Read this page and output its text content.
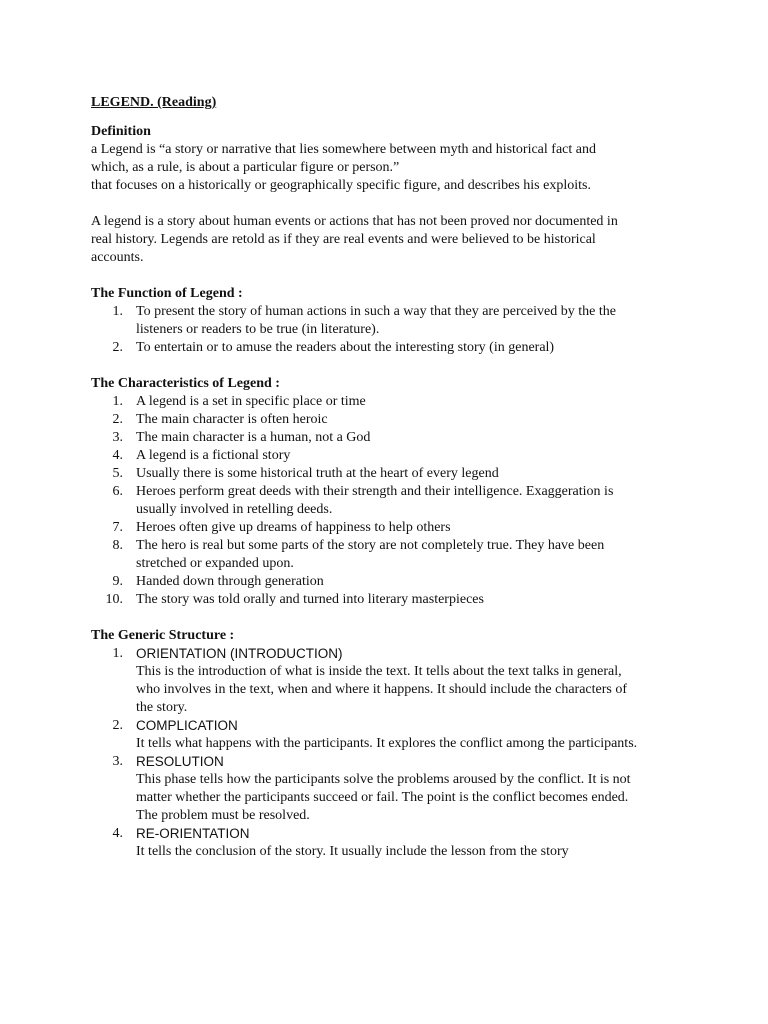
LEGEND. (Reading)
Definition
a Legend is “a story or narrative that lies somewhere between myth and historical fact and
which, as a rule, is about a particular figure or person.”
that focuses on a historically or geographically specific figure, and describes his exploits.
A legend is a story about human events or actions that has not been proved nor documented in
real history. Legends are retold as if they are real events and were believed to be historical
accounts.
The Function of Legend :
1. To present the story of human actions in such a way that they are perceived by the the
listeners or readers to be true (in literature).
2. To entertain or to amuse the readers about the interesting story (in general)
The Characteristics of Legend :
1. A legend is a set in specific place or time
2. The main character is often heroic
3. The main character is a human, not a God
4. A legend is a fictional story
5. Usually there is some historical truth at the heart of every legend
6. Heroes perform great deeds with their strength and their intelligence. Exaggeration is
usually involved in retelling deeds.
7. Heroes often give up dreams of happiness to help others
8. The hero is real but some parts of the story are not completely true. They have been
stretched or expanded upon.
9. Handed down through generation
10. The story was told orally and turned into literary masterpieces
The Generic Structure :
1. ORIENTATION (INTRODUCTION)
This is the introduction of what is inside the text. It tells about the text talks in general,
who involves in the text, when and where it happens. It should include the characters of
the story.
2. COMPLICATION
It tells what happens with the participants. It explores the conflict among the participants.
3. RESOLUTION
This phase tells how the participants solve the problems aroused by the conflict. It is not
matter whether the participants succeed or fail. The point is the conflict becomes ended.
The problem must be resolved.
4. RE-ORIENTATION
It tells the conclusion of the story. It usually include the lesson from the story
